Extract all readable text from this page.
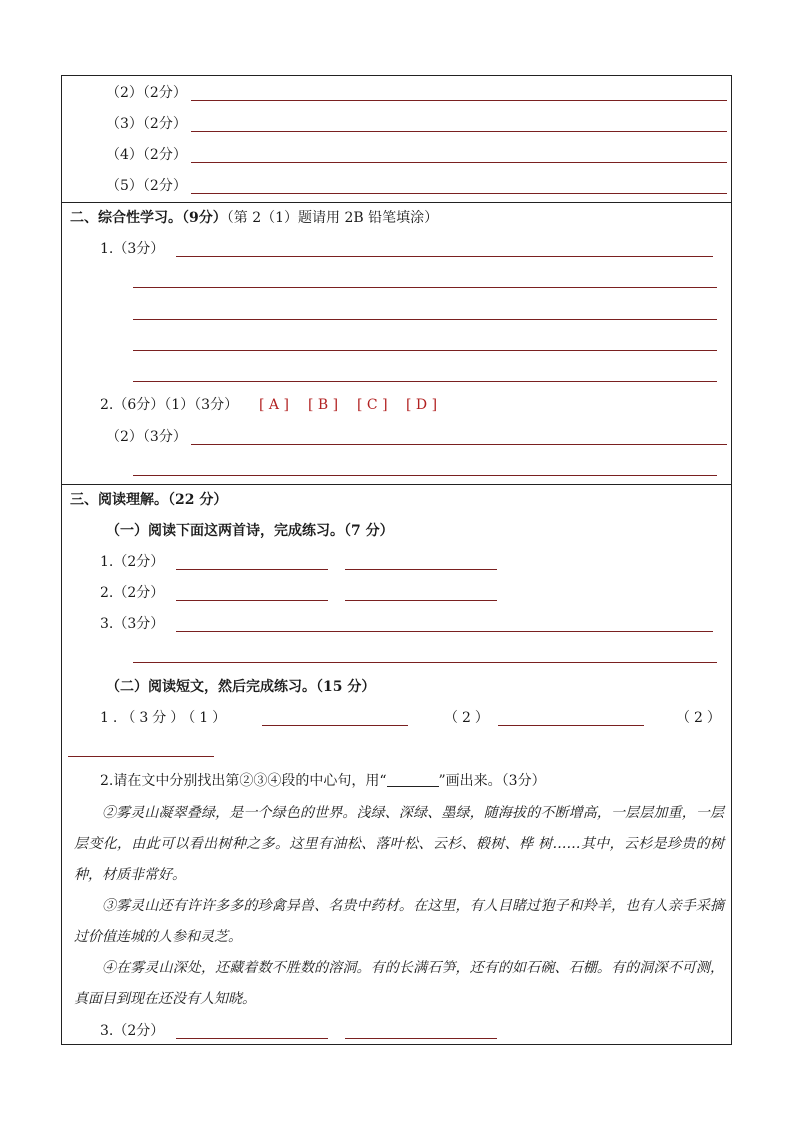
（2）（2分）
（3）（2分）
（4）（2分）
（5）（2分）
二、综合性学习。（9分）（第 2（1）题请用 2B 铅笔填涂）
1.（3分）
2.（6分）（1）（3分） [ A ] [ B ] [ C ] [ D ]
（2）（3分）
三、阅读理解。（22 分）
（一）阅读下面这两首诗，完成练习。（7 分）
1.（2分）
2.（2分）
3.（3分）
（二）阅读短文，然后完成练习。（15 分）
1.（3分）（1）	（2）	（2）
2.请在文中分别找出第②③④段的中心句，用“	”画出来。（3分）

②雾灵山凝翠叠绿，是一个绿色的世界。浅绿、深绿、墨绿，随海拔的不断增高，一层层加重，一层层变化，由此可以看出树种之多。这里有油松、落叶松、云杉、椴树、桦 树……其中，云杉是珍贵的树种，材质非常好。

③雾灵山还有许许多多的珍禽异兽、名贵中药材。在这里，有人目睹过狍子和羚羊，也有人亲手采摘过价值连城的人参和灵芝。

④在雾灵山深处，还藏着数不胜数的溶洞。有的长满石笋，还有的如石碗、石棚。有的洞深不可测，真面目到现在还没有人知晓。

3.（2分）
